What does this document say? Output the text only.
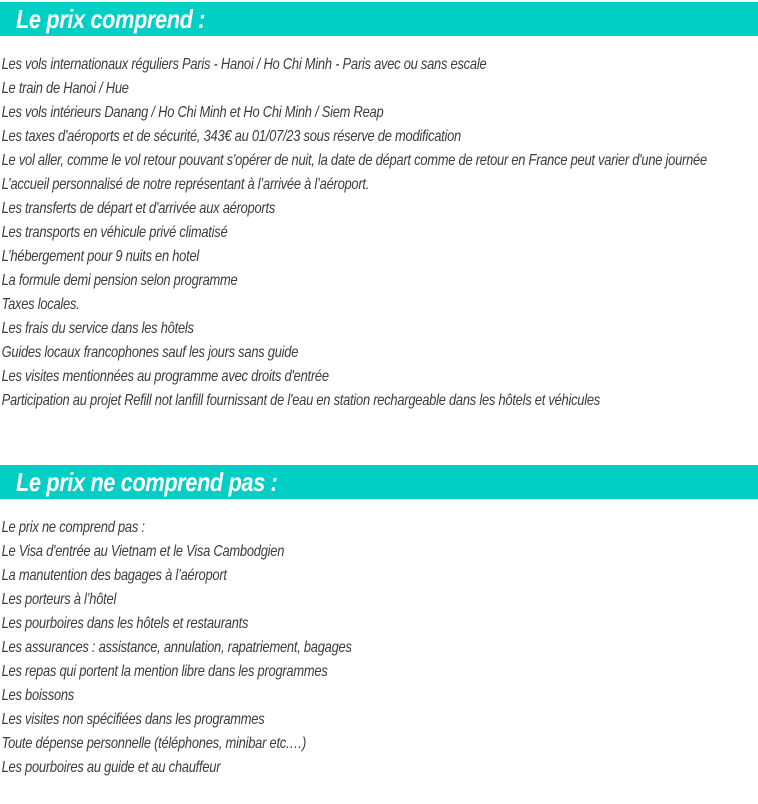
Le prix comprend :
Les vols internationaux réguliers Paris - Hanoi / Ho Chi Minh - Paris avec ou sans escale
Le train de Hanoi / Hue
Les vols intérieurs Danang / Ho Chi Minh et Ho Chi Minh / Siem Reap
Les taxes d'aéroports et de sécurité, 343€ au 01/07/23 sous réserve de modification
Le vol aller, comme le vol retour pouvant s'opérer de nuit, la date de départ comme de retour en France peut varier d'une journée
L’accueil personnalisé de notre représentant à l’arrivée à l’aéroport.
Les transferts de départ et d'arrivée aux aéroports
Les transports en véhicule privé climatisé
L’hébergement pour 9 nuits en hotel
La formule demi pension selon programme
Taxes locales.
Les frais du service dans les hôtels
Guides locaux francophones sauf les jours sans guide
Les visites mentionnées au programme avec droits d'entrée
Participation au projet Refill not lanfill fournissant de l'eau en station rechargeable dans les hôtels et véhicules
Le prix ne comprend pas :
Le prix ne comprend pas :
Le Visa d'entrée au Vietnam et le Visa Cambodgien
La manutention des bagages à l’aéroport
Les porteurs à l’hôtel
Les pourboires dans les hôtels et restaurants
Les assurances : assistance, annulation, rapatriement, bagages
Les repas qui portent la mention libre dans les programmes
Les boissons
Les visites non spécifiées dans les programmes
Toute dépense personnelle (téléphones, minibar etc.…)
Les pourboires au guide et au chauffeur
